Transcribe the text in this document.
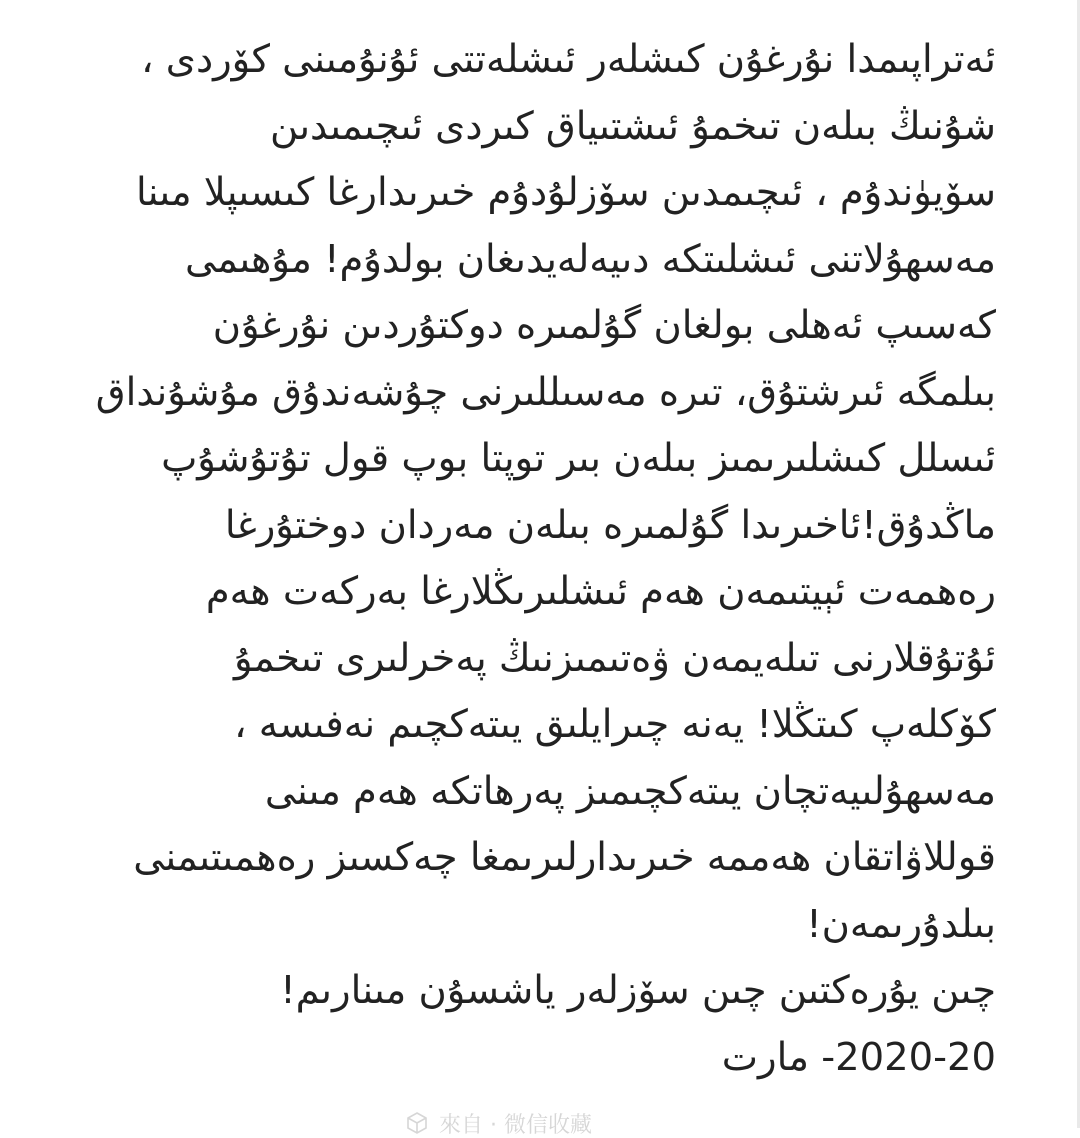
ئەتراپىمدا نۇرغۇن كىشلەر ئىشلەتتى ئۇنۇمىنى كۆردى ،
شۇنىڭ بىلەن تىخمۇ ئىشتىياق كىردى ئىچىمىدىن
سۆيۈندۇم ، ئىچىمدىن سۆزلۇدۇم خىرىدارغا كىسىپلا مىنا
مەسھۇلاتنى ئىشلىتكە دىيەلەيدىغان بولدۇم! مۇھىمى
كەسىپ ئەھلى بولغان گۇلمىرە دوكتۇردىن نۇرغۇن
بىلمگە ئىرشتۇق، تىرە مەسىللىرنى چۇشەندۇق مۇشۇنداق
ئىسلل كىشلىرىمىز بىلەن بىر توپتا بوپ قول تۇتۇشۇپ
ماڭدۇق!ئاخىرىدا گۇلمىرە بىلەن مەردان دوختۇرغا
رەھمەت ئېيتىمەن ھەم ئىشلىرىڭلارغا بەركەت ھەم
ئۇتۇقلارنى تىلەيمەن ۋەتىمىزنىڭ پەخرلىرى تىخمۇ
كۆكلەپ كىتڭلا! يەنە چىرايلىق يىتەكچىم نەفىسە ،
مەسھۇلىيەتچان يىتەكچىمىز پەرھاتكە ھەم مىنى
قوللاۋاتقان ھەممە خىرىدارلىرىمغا چەكسىز رەھمىتىمنى
بىلدۇرىمەن!
چىن يۇرەكتىن چىن سۆزلەر ياشسۇن مىنارىم!
2020-20- مارت
來自 · 微信收藏
